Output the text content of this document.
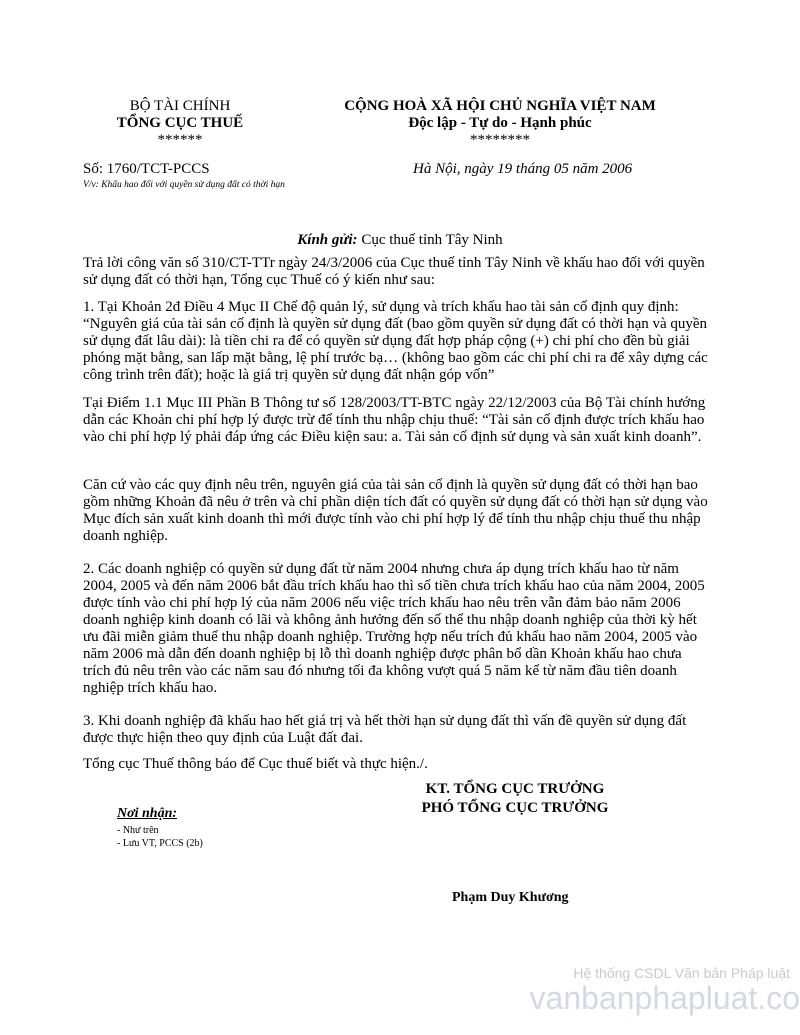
BỘ TÀI CHÍNH
TỔNG CỤC THUẾ
******
CỘNG HOÀ XÃ HỘI CHỦ NGHĨA VIỆT NAM
Độc lập - Tự do - Hạnh phúc
********
Số: 1760/TCT-PCCS
V/v: Khấu hao đối với quyền sử dụng đất có thời hạn
Hà Nội, ngày 19 tháng 05 năm 2006
Kính gửi: Cục thuế tỉnh Tây Ninh
Trả lời công văn số 310/CT-TTr ngày 24/3/2006 của Cục thuế tỉnh Tây Ninh về khấu hao đối với quyền sử dụng đất có thời hạn, Tổng cục Thuế có ý kiến như sau:
1. Tại Khoản 2đ Điều 4 Mục II Chế độ quản lý, sử dụng và trích khấu hao tài sản cố định quy định: “Nguyên giá của tài sản cố định là quyền sử dụng đất (bao gồm quyền sử dụng đất có thời hạn và quyền sử dụng đất lâu dài): là tiền chi ra để có quyền sử dụng đất hợp pháp cộng (+) chi phí cho đền bù giải phóng mặt bằng, san lấp mặt bằng, lệ phí trước bạ… (không bao gồm các chi phí chi ra để xây dựng các công trình trên đất); hoặc là giá trị quyền sử dụng đất nhận góp vốn”
Tại Điểm 1.1 Mục III Phần B Thông tư số 128/2003/TT-BTC ngày 22/12/2003 của Bộ Tài chính hướng dẫn các Khoản chi phí hợp lý được trừ để tính thu nhập chịu thuế: “Tài sản cố định được trích khấu hao vào chi phí hợp lý phải đáp ứng các Điều kiện sau: a. Tài sản cố định sử dụng và sản xuất kinh doanh”.
Căn cứ vào các quy định nêu trên, nguyên giá của tài sản cố định là quyền sử dụng đất có thời hạn bao gồm những Khoản đã nêu ở trên và chỉ phần diện tích đất có quyền sử dụng đất có thời hạn sử dụng vào Mục đích sản xuất kinh doanh thì mới được tính vào chi phí hợp lý để tính thu nhập chịu thuế thu nhập doanh nghiệp.
2. Các doanh nghiệp có quyền sử dụng đất từ năm 2004 nhưng chưa áp dụng trích khấu hao từ năm 2004, 2005 và đến năm 2006 bắt đầu trích khấu hao thì số tiền chưa trích khấu hao của năm 2004, 2005 được tính vào chi phí hợp lý của năm 2006 nếu việc trích khấu hao nêu trên vẫn đảm bảo năm 2006 doanh nghiệp kinh doanh có lãi và không ảnh hưởng đến số thể thu nhập doanh nghiệp của thời kỳ hết ưu đãi miễn giảm thuế thu nhập doanh nghiệp. Trường hợp nếu trích đủ khấu hao năm 2004, 2005 vào năm 2006 mà dẫn đến doanh nghiệp bị lỗ thì doanh nghiệp được phân bổ dần Khoản khấu hao chưa trích đủ nêu trên vào các năm sau đó nhưng tối đa không vượt quá 5 năm kể từ năm đầu tiên doanh nghiệp trích khấu hao.
3. Khi doanh nghiệp đã khấu hao hết giá trị và hết thời hạn sử dụng đất thì vấn đề quyền sử dụng đất được thực hiện theo quy định của Luật đất đai.
Tổng cục Thuế thông báo để Cục thuế biết và thực hiện./.
KT. TỔNG CỤC TRƯỞNG
PHÓ TỔNG CỤC TRƯỞNG
Nơi nhận:
- Như trên
- Lưu VT, PCCS (2b)
Phạm Duy Khương
Hệ thống CSDL Văn bản Pháp luật
vanbanphapluat.co
